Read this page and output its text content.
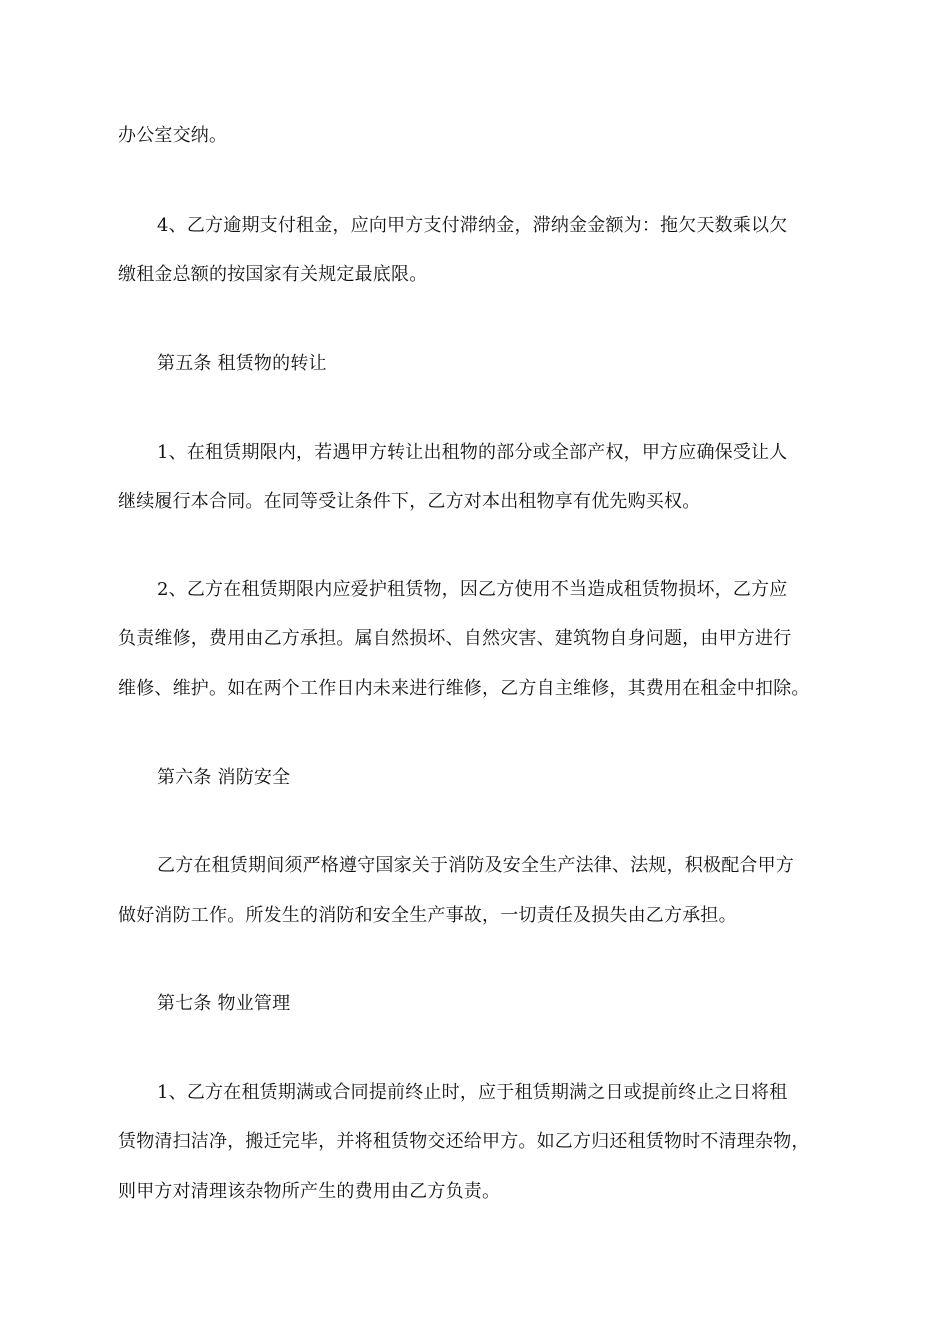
办公室交纳。
4、乙方逾期支付租金，应向甲方支付滞纳金，滞纳金金额为：拖欠天数乘以欠
缴租金总额的按国家有关规定最底限。
第五条 租赁物的转让
1、在租赁期限内，若遇甲方转让出租物的部分或全部产权，甲方应确保受让人
继续履行本合同。在同等受让条件下，乙方对本出租物享有优先购买权。
2、乙方在租赁期限内应爱护租赁物，因乙方使用不当造成租赁物损坏，乙方应
负责维修，费用由乙方承担。属自然损坏、自然灾害、建筑物自身问题，由甲方进行
维修、维护。如在两个工作日内未来进行维修，乙方自主维修，其费用在租金中扣除。
第六条 消防安全
乙方在租赁期间须严格遵守国家关于消防及安全生产法律、法规，积极配合甲方
做好消防工作。所发生的消防和安全生产事故，一切责任及损失由乙方承担。
第七条 物业管理
1、乙方在租赁期满或合同提前终止时，应于租赁期满之日或提前终止之日将租
赁物清扫洁净，搬迁完毕，并将租赁物交还给甲方。如乙方归还租赁物时不清理杂物，
则甲方对清理该杂物所产生的费用由乙方负责。
